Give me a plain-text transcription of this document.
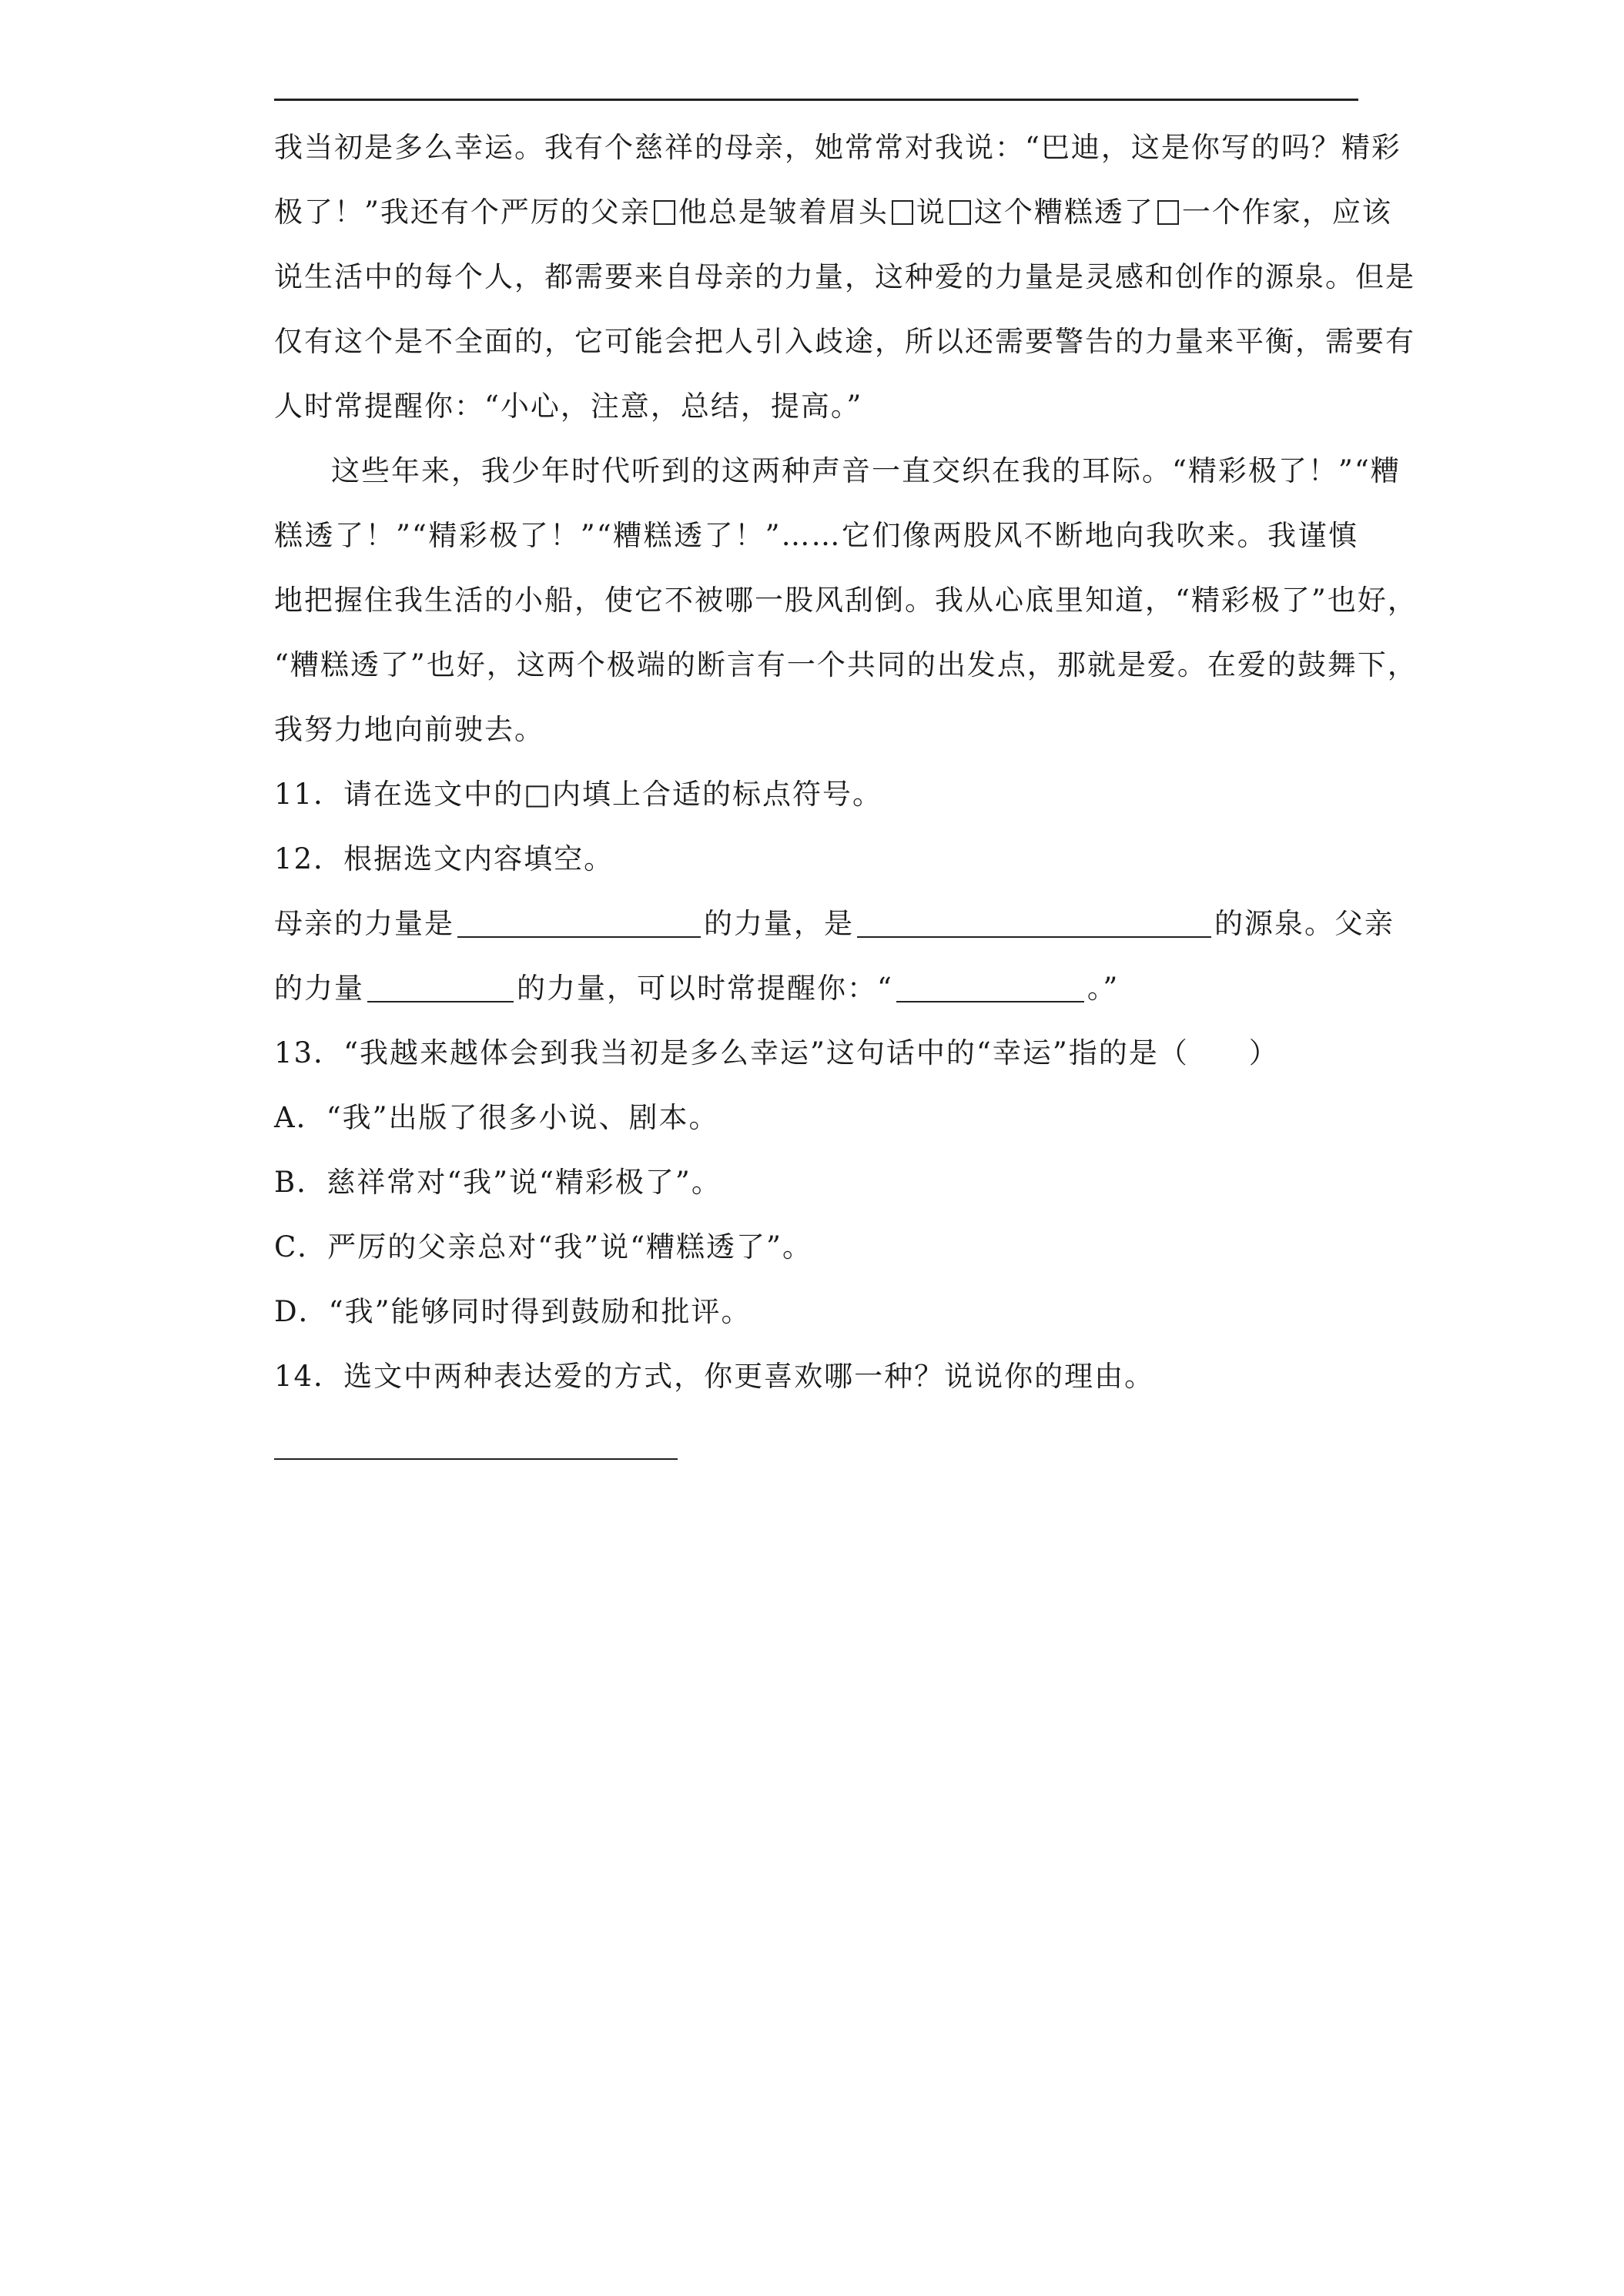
我当初是多么幸运。我有个慈祥的母亲，她常常对我说：“巴迪，这是你写的吗？精彩
极了！”我还有个严厉的父亲 他总是皱着眉头 说 这个糟糕透了 一个作家，应该
说生活中的每个人，都需要来自母亲的力量，这种爱的力量是灵感和创作的源泉。但是
仅有这个是不全面的，它可能会把人引入歧途，所以还需要警告的力量来平衡，需要有
人时常提醒你：“小心，注意，总结，提高。”
这些年来，我少年时代听到的这两种声音一直交织在我的耳际。“精彩极了！”“糟
糕透了！”“精彩极了！”“糟糕透了！”……它们像两股风不断地向我吹来。我谨慎
地把握住我生活的小船，使它不被哪一股风刮倒。我从心底里知道，“精彩极了”也好，
“糟糕透了”也好，这两个极端的断言有一个共同的出发点，那就是爱。在爱的鼓舞下，
我努力地向前驶去。
11．请在选文中的□内填上合适的标点符号。
12．根据选文内容填空。
母亲的力量是	的力量，是	的源泉。父亲
的力量	的力量，可以时常提醒你：“	。”
13．“我越来越体会到我当初是多么幸运”这句话中的“幸运”指的是（　　）
A．“我”出版了很多小说、剧本。
B．慈祥常对“我”说“精彩极了”。
C．严厉的父亲总对“我”说“糟糕透了”。
D．“我”能够同时得到鼓励和批评。
14．选文中两种表达爱的方式，你更喜欢哪一种？说说你的理由。
